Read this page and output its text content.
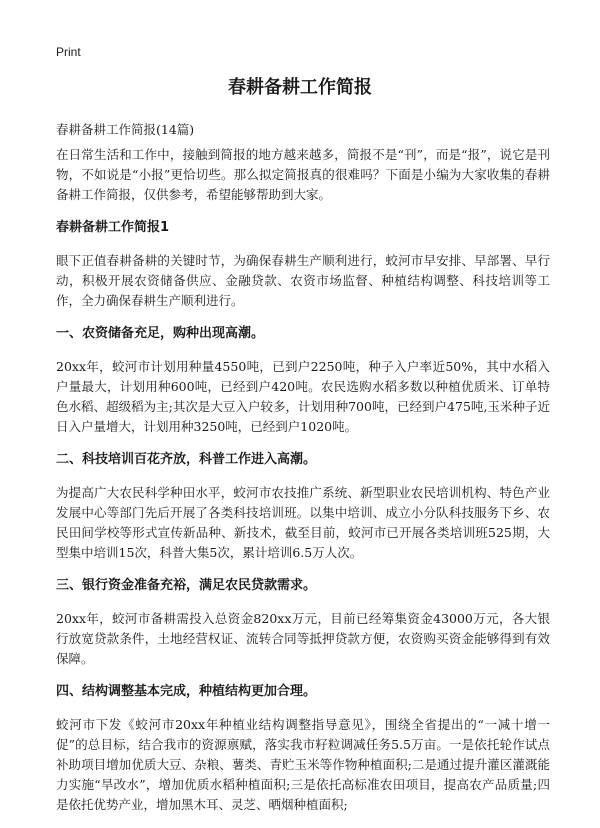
Print
春耕备耕工作简报

春耕备耕工作简报(14篇)

在日常生活和工作中，接触到简报的地方越来越多，简报不是“刊”，而是“报”，说它是刊物，不如说是“小报”更恰切些。那么拟定简报真的很难吗？下面是小编为大家收集的春耕备耕工作简报，仅供参考，希望能够帮助到大家。

春耕备耕工作简报1

眼下正值春耕备耕的关键时节，为确保春耕生产顺利进行，蛟河市早安排、早部署、早行动，积极开展农资储备供应、金融贷款、农资市场监督、种植结构调整、科技培训等工作，全力确保春耕生产顺利进行。

一、农资储备充足，购种出现高潮。

20xx年，蛟河市计划用种量4550吨，已到户2250吨，种子入户率近50%，其中水稻入户量最大，计划用种600吨，已经到户420吨。农民选购水稻多数以种植优质米、订单特色水稻、超级稻为主;其次是大豆入户较多，计划用种700吨，已经到户475吨,玉米种子近日入户量增大，计划用种3250吨，已经到户1020吨。

二、科技培训百花齐放，科普工作进入高潮。

为提高广大农民科学种田水平，蛟河市农技推广系统、新型职业农民培训机构、特色产业发展中心等部门先后开展了各类科技培训班。以集中培训、成立小分队科技服务下乡、农民田间学校等形式宣传新品种、新技术，截至目前，蛟河市已开展各类培训班525期，大型集中培训15次，科普大集5次，累计培训6.5万人次。

三、银行资金准备充裕，满足农民贷款需求。

20xx年，蛟河市备耕需投入总资金820xx万元，目前已经筹集资金43000万元，各大银行放宽贷款条件，土地经营权证、流转合同等抵押贷款方便，农资购买资金能够得到有效保障。

四、结构调整基本完成，种植结构更加合理。

蛟河市下发《蛟河市20xx年种植业结构调整指导意见》，围绕全省提出的“一减十增一促”的总目标，结合我市的资源禀赋，落实我市籽粒调减任务5.5万亩。一是依托轮作试点补助项目增加优质大豆、杂粮、薯类、青贮玉米等作物种植面积;二是通过提升灌区灌溉能力实施“旱改水”，增加优质水稻种植面积;三是依托高标准农田项目，提高农产品质量;四是依托优势产业，增加黑木耳、灵芝、晒烟种植面积;
